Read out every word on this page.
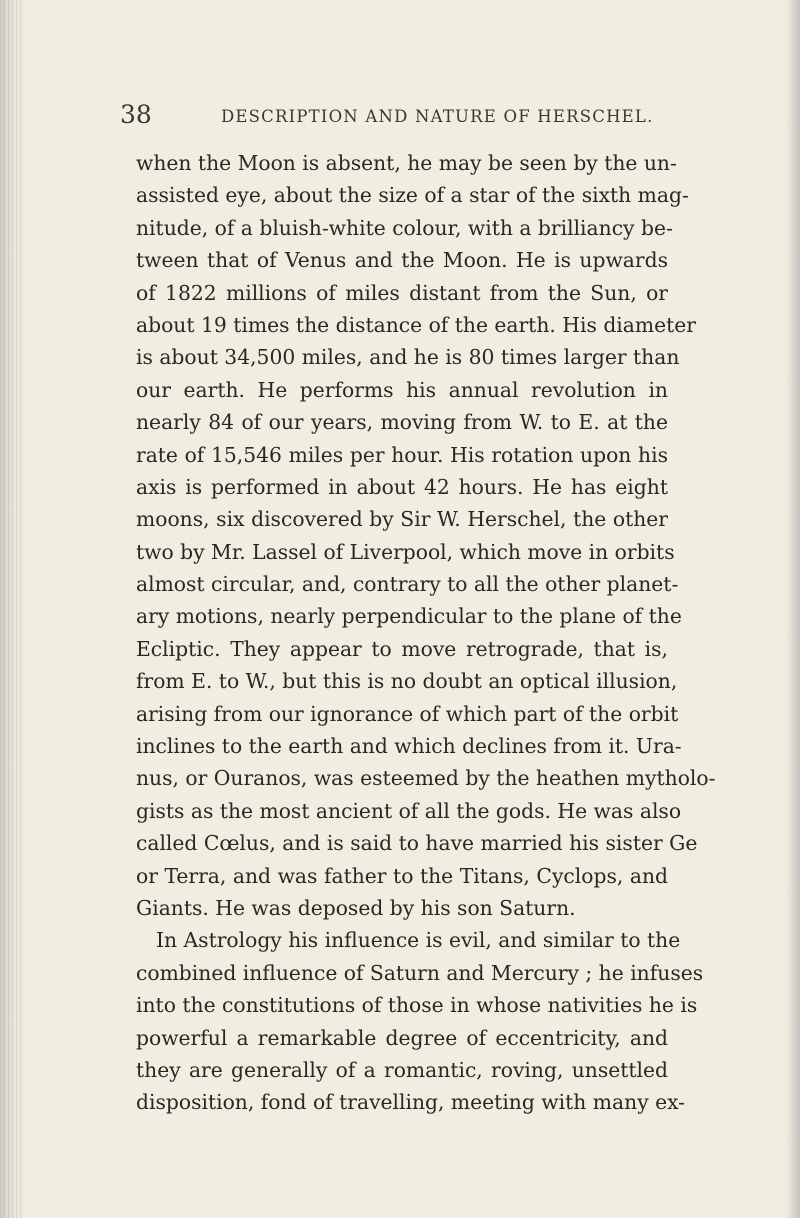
38	DESCRIPTION AND NATURE OF HERSCHEL.
when the Moon is absent, he may be seen by the un-
assisted eye, about the size of a star of the sixth mag-
nitude, of a bluish-white colour, with a brilliancy be-
tween that of Venus and the Moon. He is upwards
of 1822 millions of miles distant from the Sun, or
about 19 times the distance of the earth. His diameter
is about 34,500 miles, and he is 80 times larger than
our earth. He performs his annual revolution in
nearly 84 of our years, moving from W. to E. at the
rate of 15,546 miles per hour. His rotation upon his
axis is performed in about 42 hours. He has eight
moons, six discovered by Sir W. Herschel, the other
two by Mr. Lassel of Liverpool, which move in orbits
almost circular, and, contrary to all the other planet-
ary motions, nearly perpendicular to the plane of the
Ecliptic. They appear to move retrograde, that is,
from E. to W., but this is no doubt an optical illusion,
arising from our ignorance of which part of the orbit
inclines to the earth and which declines from it. Ura-
nus, or Ouranos, was esteemed by the heathen mytholo-
gists as the most ancient of all the gods. He was also
called Cœlus, and is said to have married his sister Ge
or Terra, and was father to the Titans, Cyclops, and
Giants. He was deposed by his son Saturn.
In Astrology his influence is evil, and similar to the
combined influence of Saturn and Mercury ; he infuses
into the constitutions of those in whose nativities he is
powerful a remarkable degree of eccentricity, and
they are generally of a romantic, roving, unsettled
disposition, fond of travelling, meeting with many ex-
